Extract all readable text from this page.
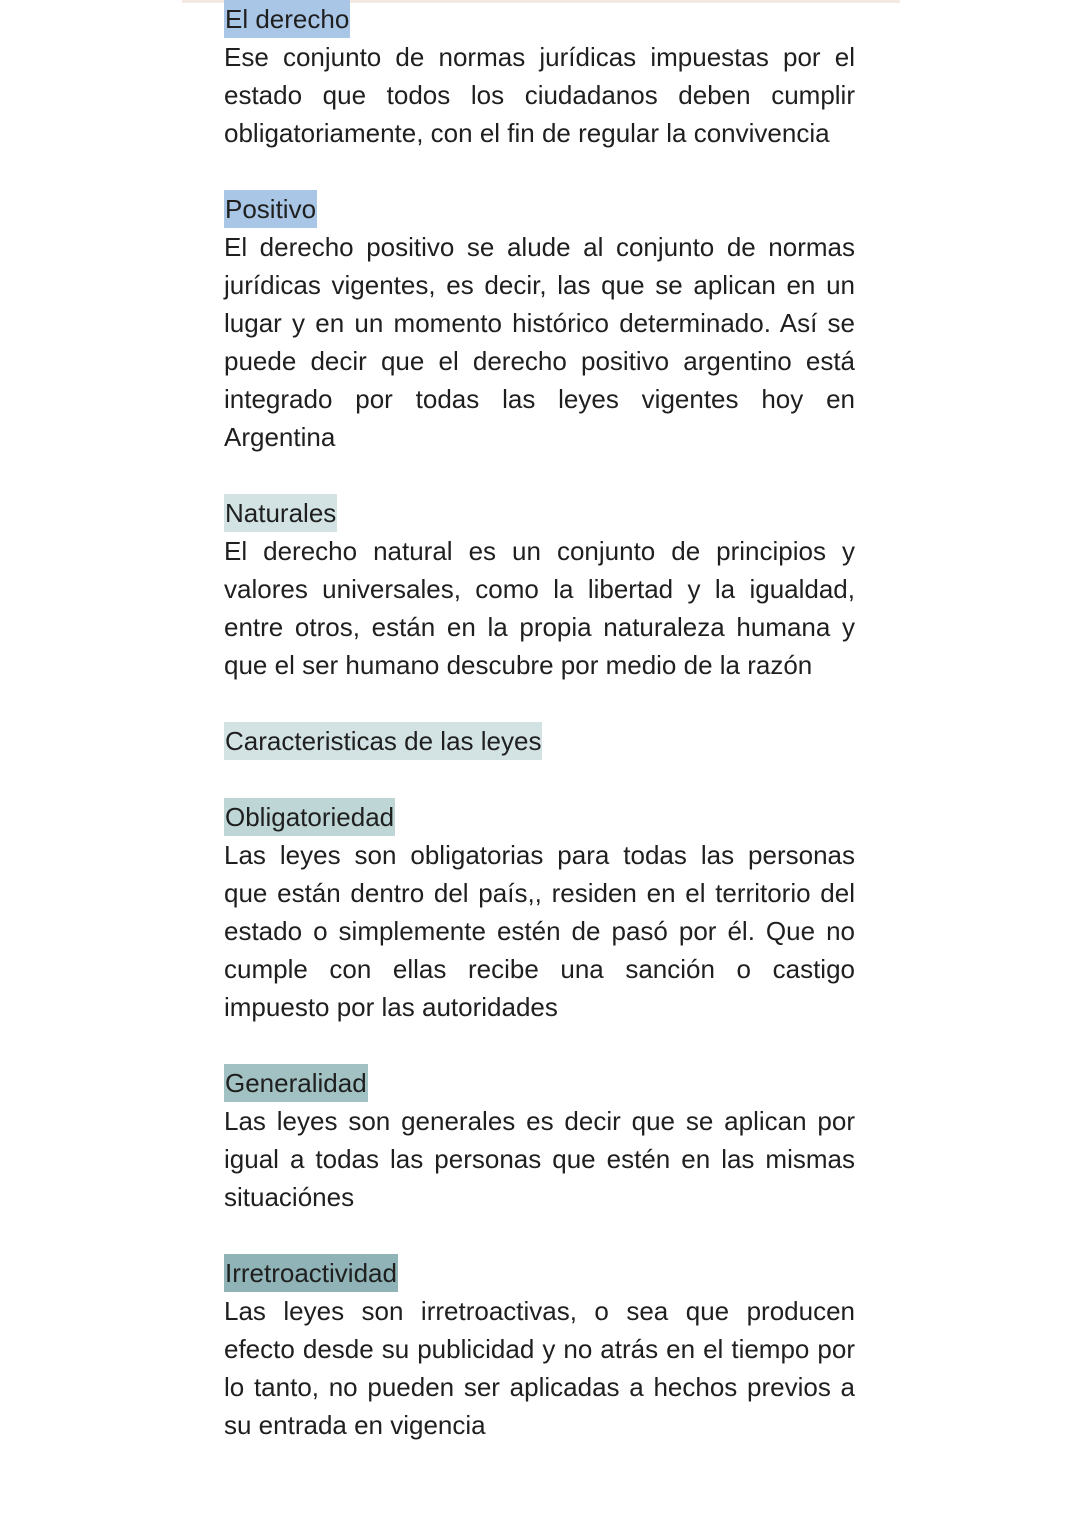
El derecho

Ese conjunto de normas jurídicas impuestas por el estado que todos los ciudadanos deben cumplir obligatoriamente, con el fin de regular la convivencia

Positivo

El derecho positivo se alude al conjunto de normas jurídicas vigentes, es decir, las que se aplican en un lugar y en un momento histórico determinado. Así se puede decir que el derecho positivo argentino está integrado por todas las leyes vigentes hoy en Argentina

Naturales

El derecho natural es un conjunto de principios y valores universales, como la libertad y la igualdad, entre otros, están en la propia naturaleza humana y que el ser humano descubre por medio de la razón

Caracteristicas de las leyes
Obligatoriedad

Las leyes son obligatorias para todas las personas que están dentro del país,, residen en el territorio del estado o simplemente estén de pasó por él. Que no cumple con ellas recibe una sanción o castigo impuesto por las autoridades

Generalidad

Las leyes son generales es decir que se aplican por igual a todas las personas que estén en las mismas situaciónes

Irretroactividad

Las leyes son irretroactivas, o sea que producen efecto desde su publicidad y no atrás en el tiempo por lo tanto, no pueden ser aplicadas a hechos previos a su entrada en vigencia
